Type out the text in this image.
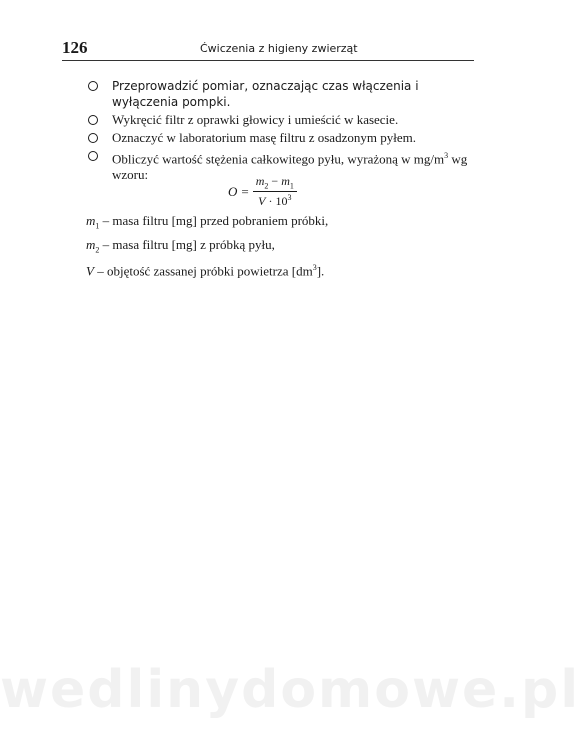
126	Ćwiczenia z higieny zwierząt
Przeprowadzić pomiar, oznaczając czas włączenia i wyłączenia pompki.
Wykręcić filtr z oprawki głowicy i umieścić w kasecie.
Oznaczyć w laboratorium masę filtru z osadzonym pyłem.
Obliczyć wartość stężenia całkowitego pyłu, wyrażoną w $mg/m^3$ wg wzoru:
$O = \frac{m_2 - m_1}{V \cdot 10^3}$
$m_1$ – masa filtru [mg] przed pobraniem próbki,
$m_2$ – masa filtru [mg] z próbką pyłu,
V – objętość zassanej próbki powietrza $[dm^3]$.
wedlinydomowe.pl
